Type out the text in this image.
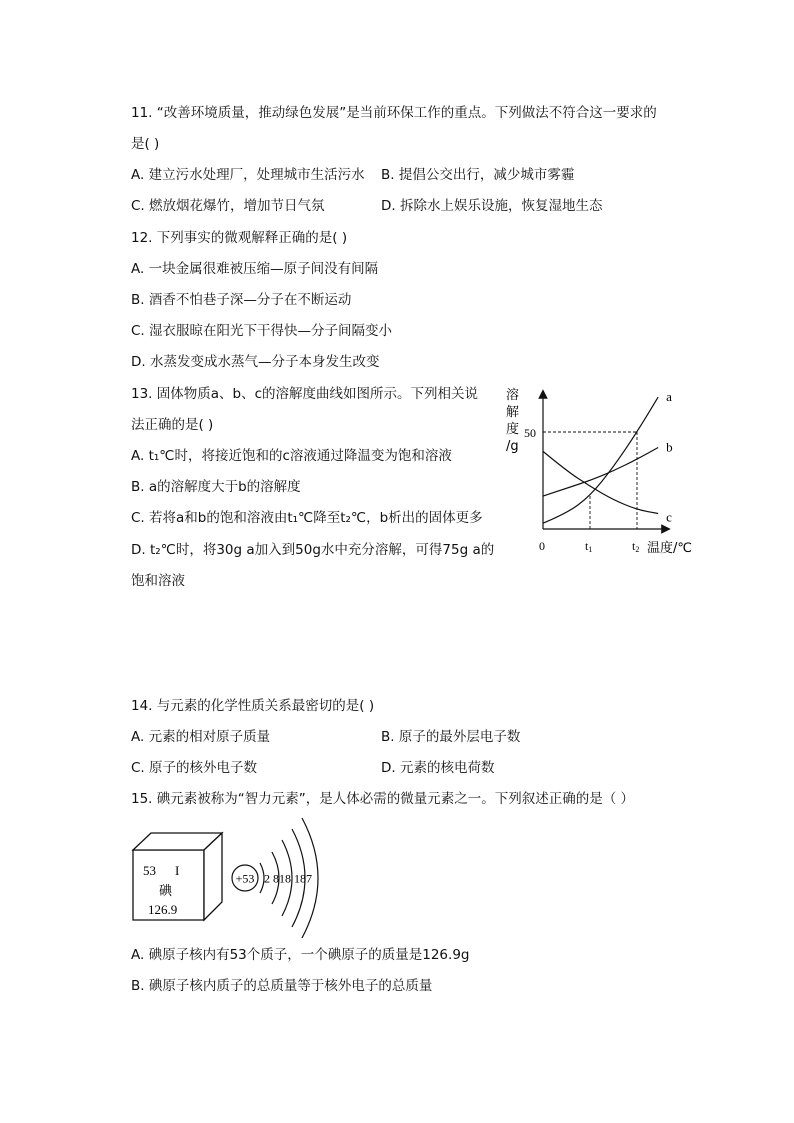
11. “改善环境质量，推动绿色发展”是当前环保工作的重点。下列做法不符合这一要求的
是( )
A. 建立污水处理厂，处理城市生活污水 B. 提倡公交出行，减少城市雾霾
C. 燃放烟花爆竹，增加节日气氛	D. 拆除水上娱乐设施，恢复湿地生态
12. 下列事实的微观解释正确的是( )
A. 一块金属很难被压缩—原子间没有间隔
B. 酒香不怕巷子深—分子在不断运动
C. 湿衣服晾在阳光下干得快—分子间隔变小
D. 水蒸发变成水蒸气—分子本身发生改变
13. 固体物质a、b、c的溶解度曲线如图所示。下列相关说
法正确的是( )
A. t₁℃时，将接近饱和的c溶液通过降温变为饱和溶液
B. a的溶解度大于b的溶解度
C. 若将a和b的饱和溶液由t₁℃降至t₂℃，b析出的固体更多
D. t₂℃时，将30g a加入到50g水中充分溶解，可得75g a的
饱和溶液
a
b
c
溶
解
度
/g
50
0	t1	t2 温度/℃
14. 与元素的化学性质关系最密切的是( )
A. 元素的相对原子质量	B. 原子的最外层电子数
C. 原子的核外电子数	D. 元素的核电荷数
15. 碘元素被称为“智力元素”，是人体必需的微量元素之一。下列叙述正确的是（ ）
53 I
碘
126.9
+53 2 818 187
A. 碘原子核内有53个质子，一个碘原子的质量是126.9g
B. 碘原子核内质子的总质量等于核外电子的总质量
